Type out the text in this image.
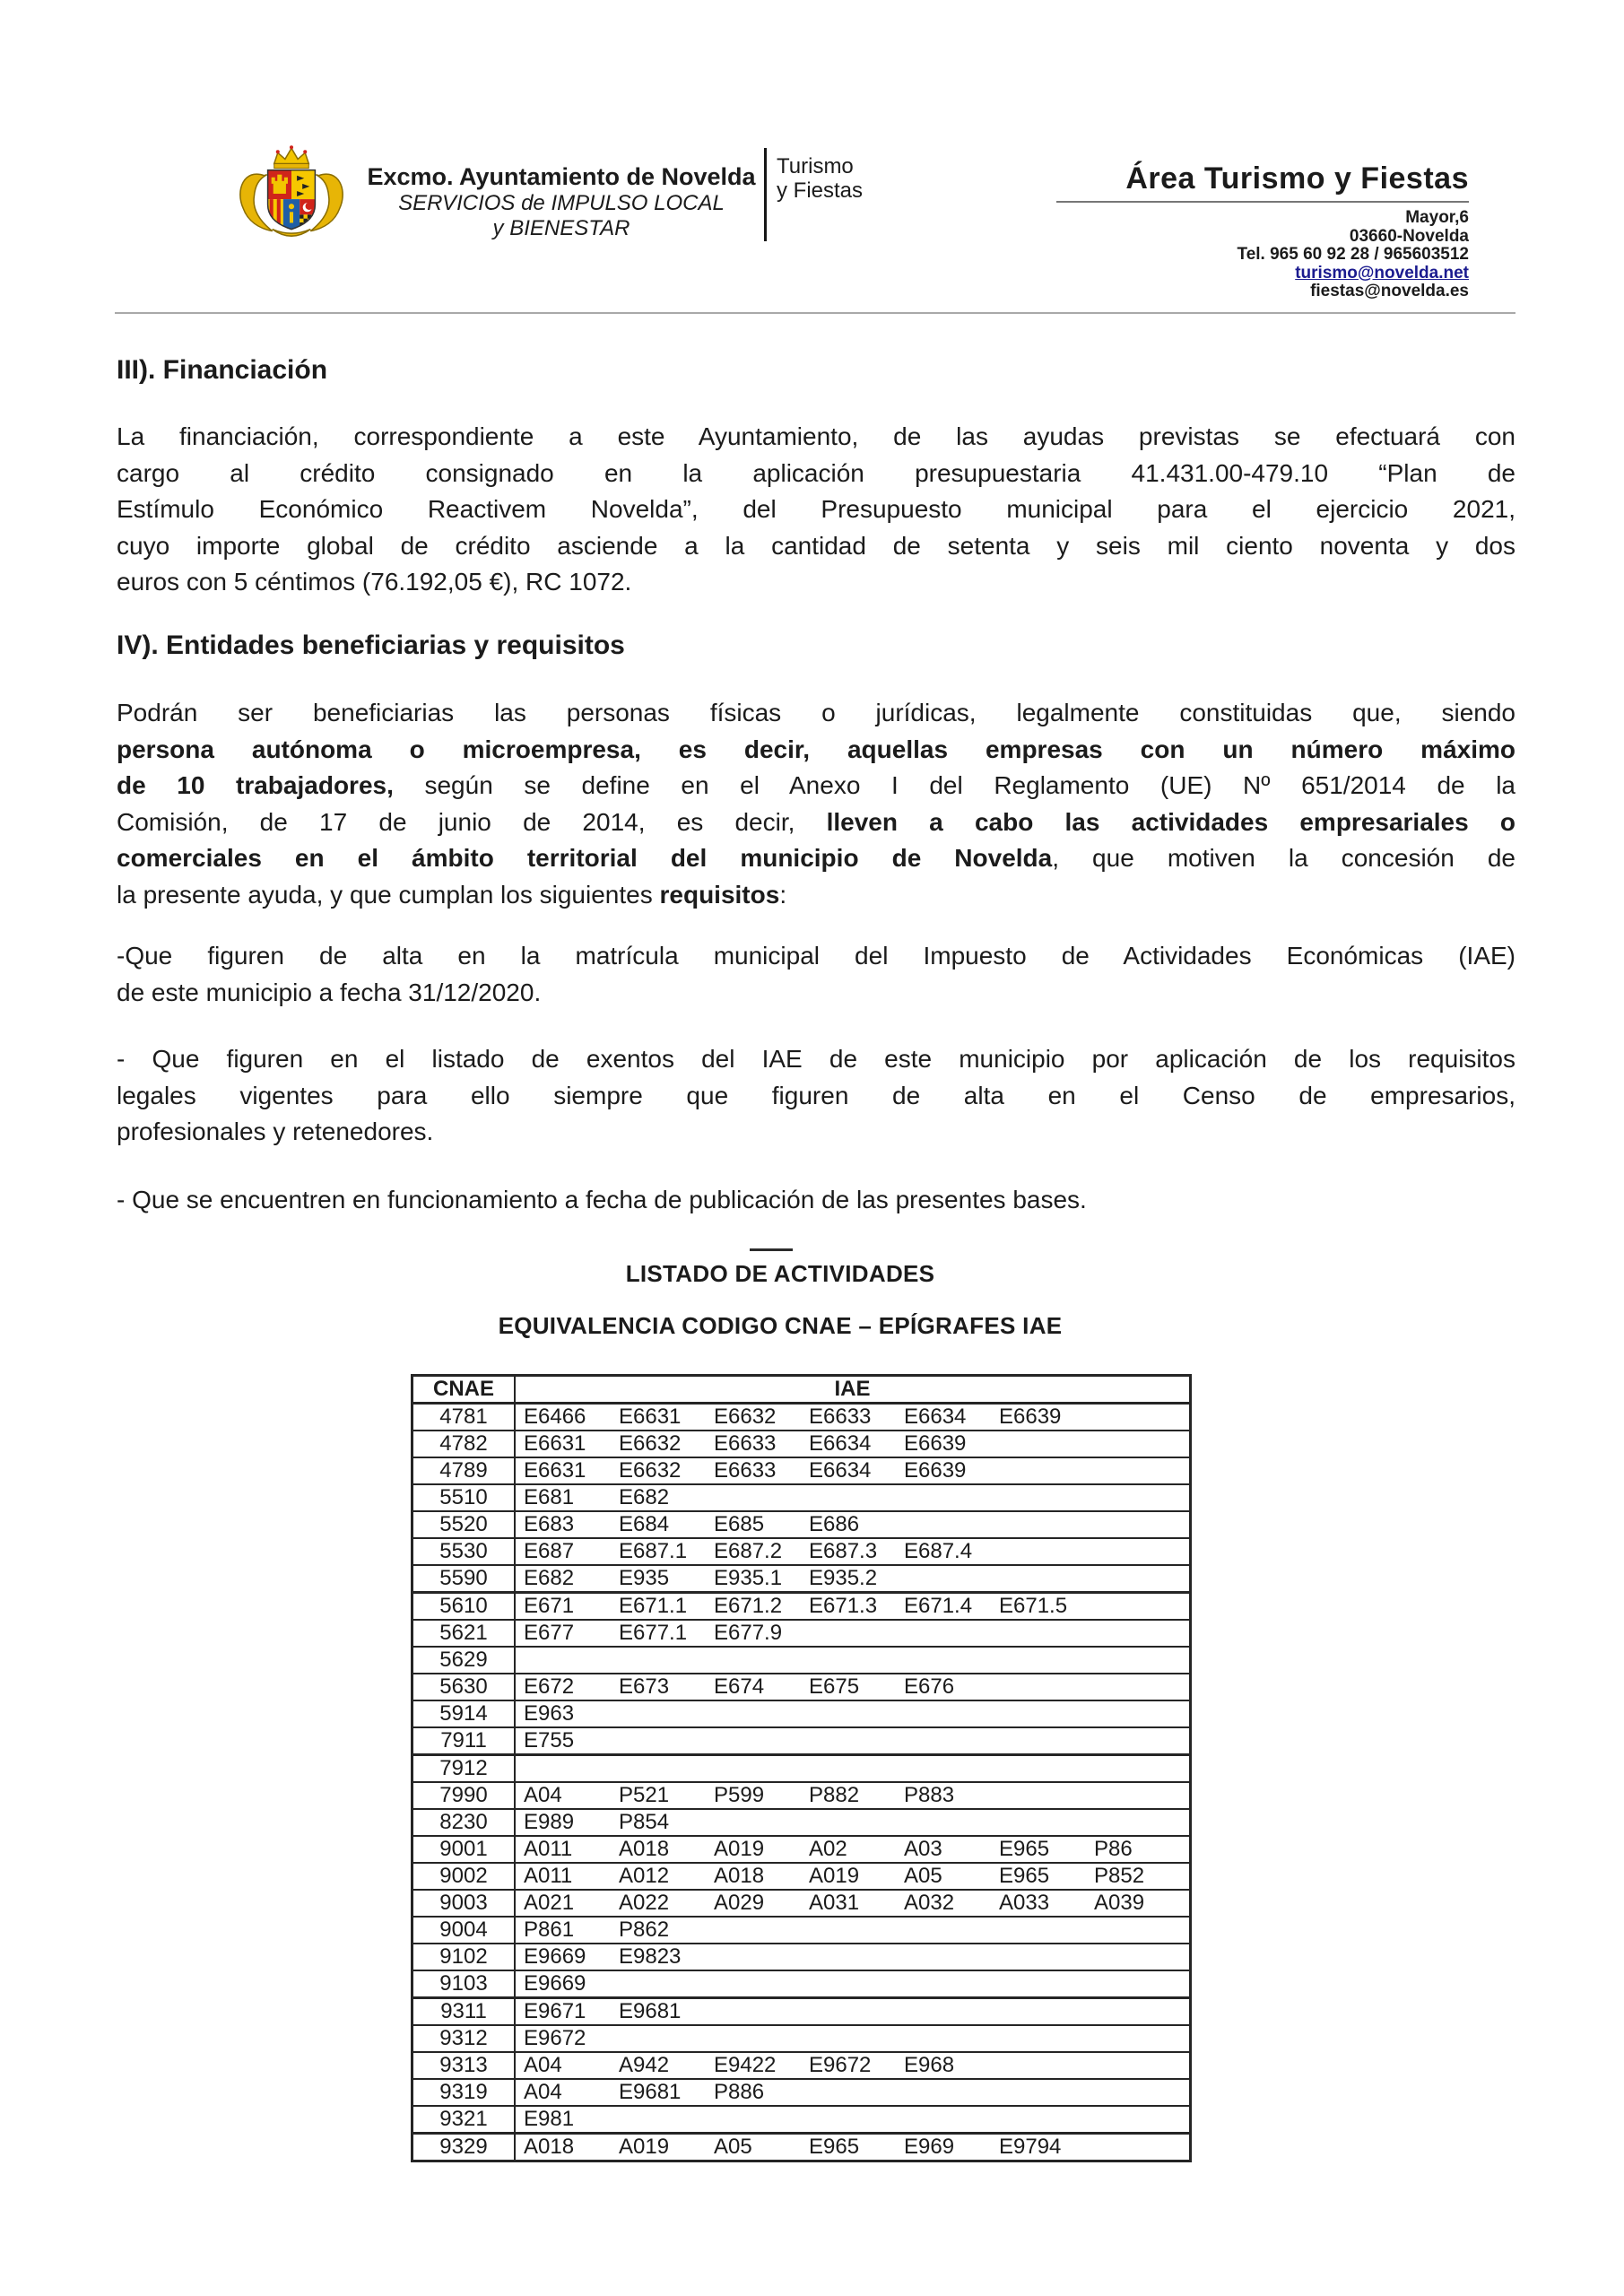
Excmo. Ayuntamiento de Novelda
SERVICIOS de IMPULSO LOCAL
y BIENESTAR
Turismo
y Fiestas	Área Turismo y Fiestas
Mayor,6
03660-Novelda
Tel. 965 60 92 28 / 965603512
turismo@novelda.net
fiestas@novelda.es
III). Financiación
La financiación, correspondiente a este Ayuntamiento, de las ayudas previstas se efectuará con
cargo al crédito consignado en la aplicación presupuestaria 41.431.00-479.10 “Plan de
Estímulo Económico Reactivem Novelda”, del Presupuesto municipal para el ejercicio 2021,
cuyo importe global de crédito asciende a la cantidad de setenta y seis mil ciento noventa y dos
euros con 5 céntimos (76.192,05 €), RC 1072.
IV). Entidades beneficiarias y requisitos
Podrán ser beneficiarias las personas físicas o jurídicas, legalmente constituidas que, siendo
persona autónoma o microempresa, es decir, aquellas empresas con un número máximo
de 10 trabajadores, según se define en el Anexo I del Reglamento (UE) Nº 651/2014 de la
Comisión, de 17 de junio de 2014, es decir, lleven a cabo las actividades empresariales o
comerciales en el ámbito territorial del municipio de Novelda, que motiven la concesión de
la presente ayuda, y que cumplan los siguientes requisitos:
-Que figuren de alta en la matrícula municipal del Impuesto de Actividades Económicas (IAE)
de este municipio a fecha 31/12/2020.
- Que figuren en el listado de exentos del IAE de este municipio por aplicación de los requisitos
legales vigentes para ello siempre que figuren de alta en el Censo de empresarios,
profesionales y retenedores.
- Que se encuentren en funcionamiento a fecha de publicación de las presentes bases.
LISTADO DE ACTIVIDADES
EQUIVALENCIA CODIGO CNAE – EPÍGRAFES IAE
CNAE	IAE
4781	E6466 E6631 E6632 E6633 E6634 E6639

4782	E6631 E6632 E6633 E6634 E6639

4789	E6631 E6632 E6633 E6634 E6639

5510	E681 E682

5520	E683 E684 E685 E686

5530	E687 E687.1 E687.2 E687.3 E687.4

5590	E682 E935 E935.1 E935.2

5610	E671 E671.1 E671.2 E671.3 E671.4 E671.5

5621	E677 E677.1 E677.9

5629	

5630	E672 E673 E674 E675 E676

5914	E963

7911	E755

7912	

7990	A04 P521 P599 P882 P883

8230	E989 P854

9001	A011 A018 A019 A02 A03 E965 P86

9002	A011 A012 A018 A019 A05 E965 P852

9003	A021 A022 A029 A031 A032 A033 A039

9004	P861 P862

9102	E9669 E9823

9103	E9669

9311	E9671 E9681

9312	E9672

9313	A04 A942 E9422 E9672 E968

9319	A04 E9681 P886

9321	E981

9329	A018 A019 A05 E965 E969 E9794
